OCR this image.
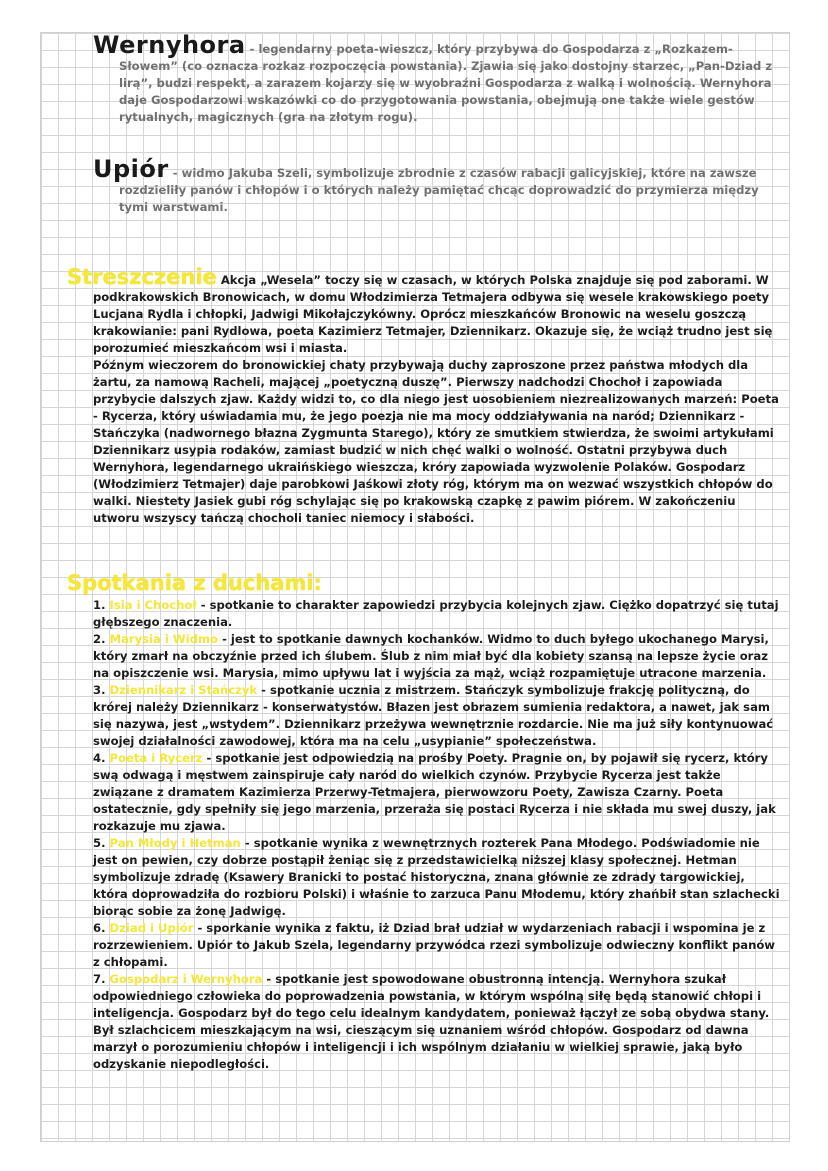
Wernyhora - legendarny poeta-wieszcz, który przybywa do Gospodarza z „Rozkazem-

Słowem” (co oznacza rozkaz rozpoczęcia powstania). Zjawia się jako dostojny starzec, „Pan-Dziad z lirą”, budzi respekt, a zarazem kojarzy się w wyobraźni Gospodarza z walką i wolnością. Wernyhora daje Gospodarzowi wskazówki co do przygotowania powstania, obejmują one także wiele gestów rytualnych, magicznych (gra na złotym rogu).

Upiór - widmo Jakuba Szeli, symbolizuje zbrodnie z czasów rabacji galicyjskiej, które na zawsze

rozdzieliły panów i chłopów i o których należy pamiętać chcąc doprowadzić do przymierza między tymi warstwami.

Streszczenie Akcja „Wesela” toczy się w czasach, w których Polska znajduje się pod zaborami. W

podkrakowskich Bronowicach, w domu Włodzimierza Tetmajera odbywa się wesele krakowskiego poety Lucjana Rydla i chłopki, Jadwigi Mikołajczykówny. Oprócz mieszkańców Bronowic na weselu goszczą krakowianie: pani Rydlowa, poeta Kazimierz Tetmajer, Dziennikarz. Okazuje się, że wciąż trudno jest się porozumieć mieszkańcom wsi i miasta.

Późnym wieczorem do bronowickiej chaty przybywają duchy zaproszone przez państwa młodych dla żartu, za namową Racheli, mającej „poetyczną duszę”. Pierwszy nadchodzi Chochoł i zapowiada przybycie dalszych zjaw. Każdy widzi to, co dla niego jest uosobieniem niezrealizowanych marzeń: Poeta - Rycerza, który uświadamia mu, że jego poezja nie ma mocy oddziaływania na naród; Dziennikarz - Stańczyka (nadwornego błazna Zygmunta Starego), który ze smutkiem stwierdza, że swoimi artykułami Dziennikarz usypia rodaków, zamiast budzić w nich chęć walki o wolność. Ostatni przybywa duch Wernyhora, legendarnego ukraińskiego wieszcza, króry zapowiada wyzwolenie Polaków. Gospodarz (Włodzimierz Tetmajer) daje parobkowi Jaśkowi złoty róg, którym ma on wezwać wszystkich chłopów do walki. Niestety Jasiek gubi róg schylając się po krakowską czapkę z pawim piórem. W zakończeniu utworu wszyscy tańczą chocholi taniec niemocy i słabości.

Spotkania z duchami:

1. Isia i Chochoł - spotkanie to charakter zapowiedzi przybycia kolejnych zjaw. Ciężko dopatrzyć się tutaj głębszego znaczenia.

2. Marysia i Widmo - jest to spotkanie dawnych kochanków. Widmo to duch byłego ukochanego Marysi, który zmarł na obczyźnie przed ich ślubem. Ślub z nim miał być dla kobiety szansą na lepsze życie oraz na opiszczenie wsi. Marysia, mimo upływu lat i wyjścia za mąż, wciąż rozpamiętuje utracone marzenia.

3. Dziennikarz i Stańczyk - spotkanie ucznia z mistrzem. Stańczyk symbolizuje frakcję polityczną, do krórej należy Dziennikarz - konserwatystów. Błazen jest obrazem sumienia redaktora, a nawet, jak sam się nazywa, jest „wstydem”. Dziennikarz przeżywa wewnętrznie rozdarcie. Nie ma już siły kontynuować swojej działalności zawodowej, która ma na celu „usypianie” społeczeństwa.

4. Poeta i Rycerz - spotkanie jest odpowiedzią na prośby Poety. Pragnie on, by pojawił się rycerz, który swą odwagą i męstwem zainspiruje cały naród do wielkich czynów. Przybycie Rycerza jest także związane z dramatem Kazimierza Przerwy-Tetmajera, pierwowzoru Poety, Zawisza Czarny. Poeta ostatecznie, gdy spełniły się jego marzenia, przeraża się postaci Rycerza i nie składa mu swej duszy, jak rozkazuje mu zjawa.

5. Pan Młody i Hetman - spotkanie wynika z wewnętrznych rozterek Pana Młodego. Podświadomie nie jest on pewien, czy dobrze postąpił żeniąc się z przedstawicielką niższej klasy społecznej. Hetman symbolizuje zdradę (Ksawery Branicki to postać historyczna, znana głównie ze zdrady targowickiej, która doprowadziła do rozbioru Polski) i właśnie to zarzuca Panu Młodemu, który zhańbił stan szlachecki biorąc sobie za żonę Jadwigę.

6. Dziad i Upiór - sporkanie wynika z faktu, iż Dziad brał udział w wydarzeniach rabacji i wspomina je z rozrzewieniem. Upiór to Jakub Szela, legendarny przywódca rzezi symbolizuje odwieczny konflikt panów z chłopami.

7. Gospodarz i Wernyhora - spotkanie jest spowodowane obustronną intencją. Wernyhora szukał odpowiedniego człowieka do poprowadzenia powstania, w którym wspólną siłę będą stanowić chłopi i inteligencja. Gospodarz był do tego celu idealnym kandydatem, ponieważ łączył ze sobą obydwa stany. Był szlachcicem mieszkającym na wsi, cieszącym się uznaniem wśród chłopów. Gospodarz od dawna marzył o porozumieniu chłopów i inteligencji i ich wspólnym działaniu w wielkiej sprawie, jaką było odzyskanie niepodległości.
